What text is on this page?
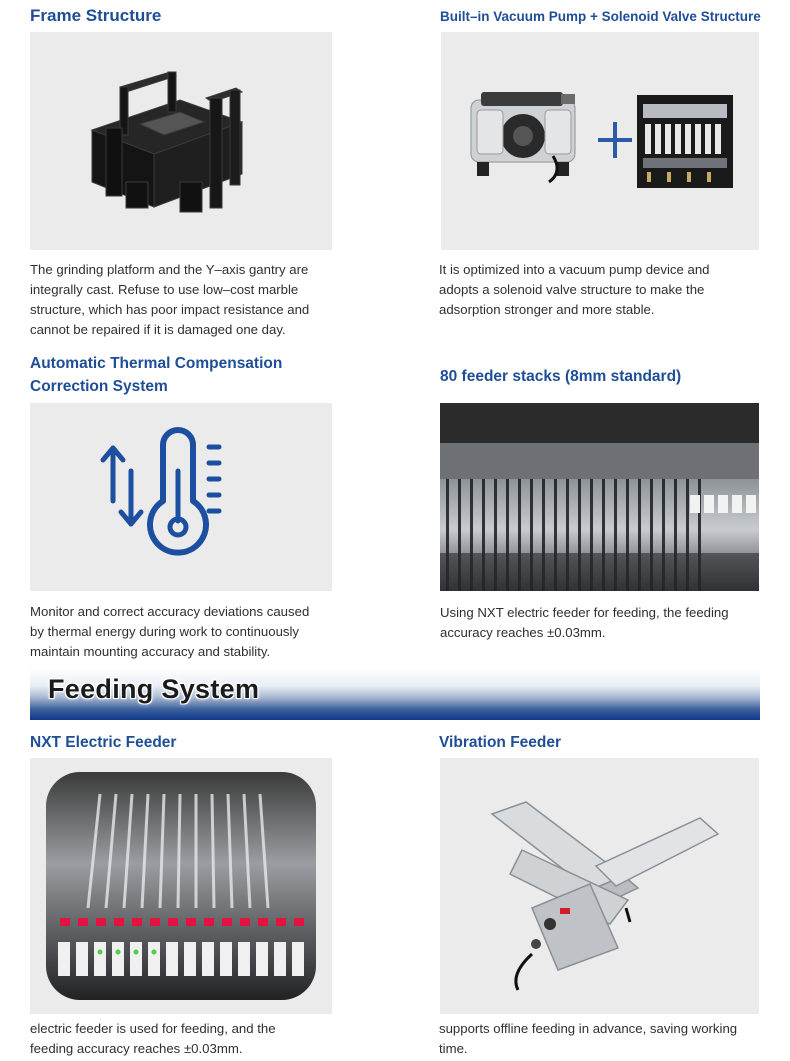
Frame Structure
The grinding platform and the Y–axis gantry are
integrally cast. Refuse to use low–cost marble
structure, which has poor impact resistance and
cannot be repaired if it is damaged one day.
Built–in Vacuum Pump + Solenoid Valve Structure
It is optimized into a vacuum pump device and
adopts a solenoid valve structure to make the
adsorption stronger and more stable.
Automatic Thermal Compensation
Correction System
Monitor and correct accuracy deviations caused
by thermal energy during work to continuously
maintain mounting accuracy and stability.
80 feeder stacks (8mm standard)
Using NXT electric feeder for feeding, the feeding
accuracy reaches ±0.03mm.
Feeding System
NXT Electric Feeder
electric feeder is used for feeding, and the
feeding accuracy reaches ±0.03mm.
Vibration Feeder
supports offline feeding in advance, saving working
time.
